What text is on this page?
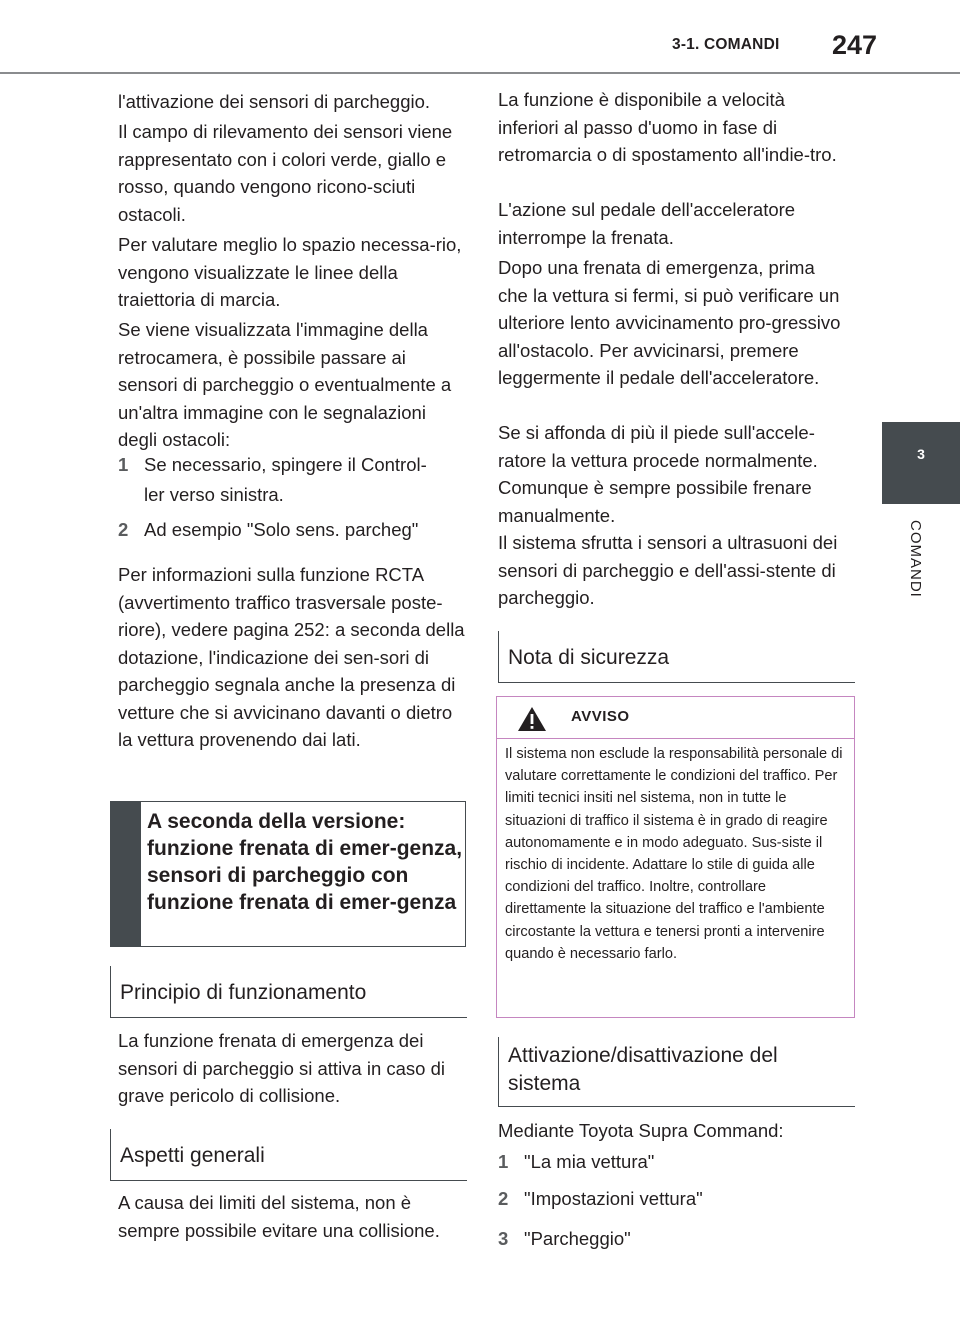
3-1. COMANDI 247
3
COMANDI

l'attivazione dei sensori di parcheggio.

Il campo di rilevamento dei sensori viene rappresentato con i colori verde, giallo e rosso, quando vengono ricono-sciuti ostacoli.

Per valutare meglio lo spazio necessa-rio, vengono visualizzate le linee della traiettoria di marcia.

Se viene visualizzata l'immagine della retrocamera, è possibile passare ai sensori di parcheggio o eventualmente a un'altra immagine con le segnalazioni degli ostacoli:

1 Se necessario, spingere il Control-
ler verso sinistra.
2 Ad esempio "Solo sens. parcheg"

Per informazioni sulla funzione RCTA (avvertimento traffico trasversale poste-riore), vedere pagina 252: a seconda della dotazione, l'indicazione dei sen-sori di parcheggio segnala anche la presenza di vetture che si avvicinano davanti o dietro la vettura provenendo dai lati.

A seconda della versione: funzione frenata di emer-genza, sensori di parcheggio con funzione frenata di emer-genza
Principio di funzionamento

La funzione frenata di emergenza dei sensori di parcheggio si attiva in caso di grave pericolo di collisione.

Aspetti generali

A causa dei limiti del sistema, non è sempre possibile evitare una collisione.

La funzione è disponibile a velocità inferiori al passo d'uomo in fase di retromarcia o di spostamento all'indie-tro.

L'azione sul pedale dell'acceleratore interrompe la frenata.

Dopo una frenata di emergenza, prima che la vettura si fermi, si può verificare un ulteriore lento avvicinamento pro-gressivo all'ostacolo. Per avvicinarsi, premere leggermente il pedale dell'acceleratore.

Se si affonda di più il piede sull'accele-ratore la vettura procede normalmente. Comunque è sempre possibile frenare manualmente.

Il sistema sfrutta i sensori a ultrasuoni dei sensori di parcheggio e dell'assi-stente di parcheggio.

Nota di sicurezza
AVVISO
Il sistema non esclude la responsabilità personale di valutare correttamente le condizioni del traffico. Per limiti tecnici insiti nel sistema, non in tutte le situazioni di traffico il sistema è in grado di reagire autonomamente e in modo adeguato. Sus-siste il rischio di incidente. Adattare lo stile di guida alle condizioni del traffico. Inoltre, controllare direttamente la situazione del traffico e l'ambiente circostante la vettura e tenersi pronti a intervenire quando è necessario farlo.
Attivazione/disattivazione del sistema

Mediante Toyota Supra Command:

1 "La mia vettura"
2 "Impostazioni vettura"
3 "Parcheggio"
